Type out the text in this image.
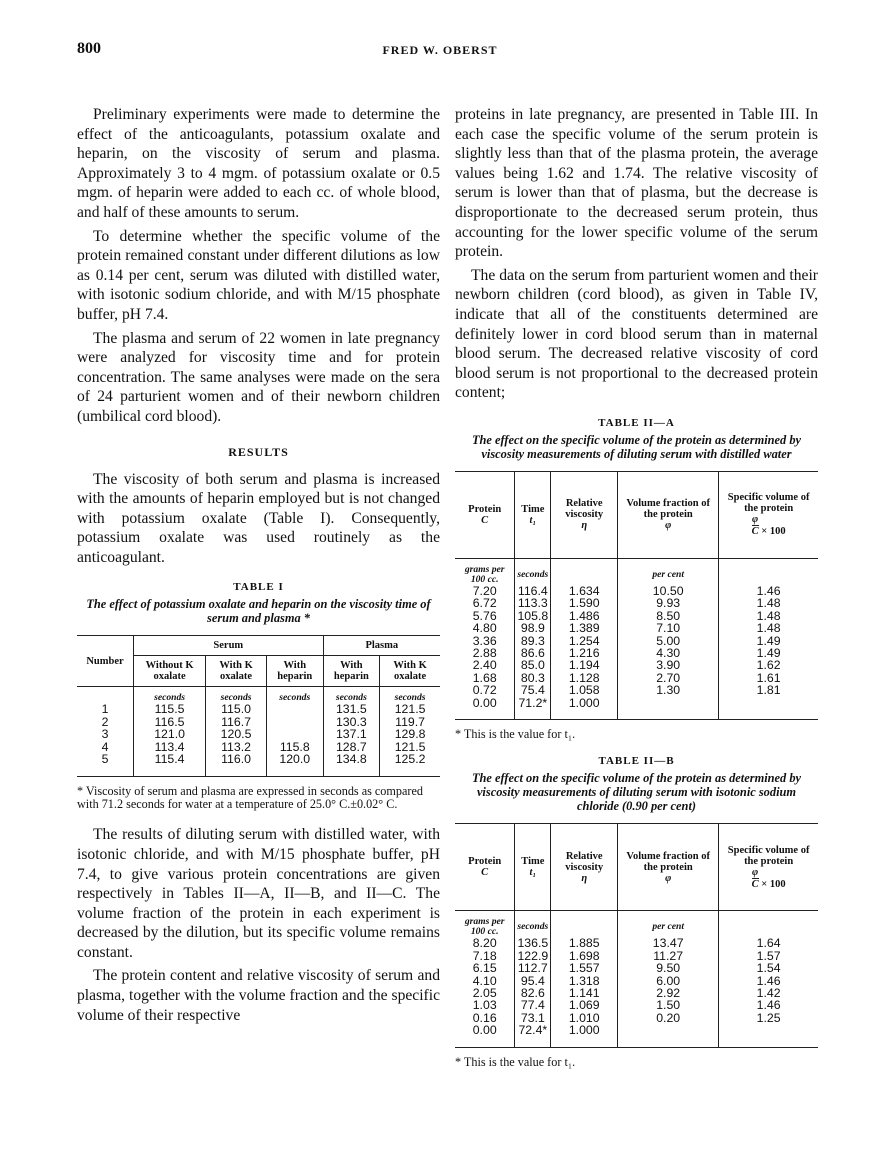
800	FRED W. OBERST

Preliminary experiments were made to determine the effect of the anticoagulants, potassium oxalate and heparin, on the viscosity of serum and plasma. Approximately 3 to 4 mgm. of potassium oxalate or 0.5 mgm. of heparin were added to each cc. of whole blood, and half of these amounts to serum.

To determine whether the specific volume of the protein remained constant under different dilutions as low as 0.14 per cent, serum was diluted with distilled water, with isotonic sodium chloride, and with M/15 phosphate buffer, pH 7.4.

The plasma and serum of 22 women in late pregnancy were analyzed for viscosity time and for protein concentration. The same analyses were made on the sera of 24 parturient women and of their newborn children (umbilical cord blood).

RESULTS

The viscosity of both serum and plasma is increased with the amounts of heparin employed but is not changed with potassium oxalate (Table I). Consequently, potassium oxalate was used routinely as the anticoagulant.

TABLE I
The effect of potassium oxalate and heparin on the viscosity time of serum and plasma *
Number	Serum			Plasma	
	Without K oxalate	With K oxalate	With heparin	With heparin	With K oxalate
	seconds	seconds	seconds	seconds	seconds
1	115.5	115.0		131.5	121.5
2	116.5	116.7		130.3	119.7
3	121.0	120.5		137.1	129.8
4	113.4	113.2	115.8	128.7	121.5
5	115.4	116.0	120.0	134.8	125.2
* Viscosity of serum and plasma are expressed in seconds as compared with 71.2 seconds for water at a temperature of 25.0° C.±0.02° C.

The results of diluting serum with distilled water, with isotonic chloride, and with M/15 phosphate buffer, pH 7.4, to give various protein concentrations are given respectively in Tables II—A, II—B, and II—C. The volume fraction of the protein in each experiment is decreased by the dilution, but its specific volume remains constant.

The protein content and relative viscosity of serum and plasma, together with the volume fraction and the specific volume of their respective

proteins in late pregnancy, are presented in Table III. In each case the specific volume of the serum protein is slightly less than that of the plasma protein, the average values being 1.62 and 1.74. The relative viscosity of serum is lower than that of plasma, but the decrease is disproportionate to the decreased serum protein, thus accounting for the lower specific volume of the serum protein.

The data on the serum from parturient women and their newborn children (cord blood), as given in Table IV, indicate that all of the constituents determined are definitely lower in cord blood serum than in maternal blood serum. The decreased relative viscosity of cord blood serum is not proportional to the decreased protein content;

TABLE II—A
The effect on the specific volume of the protein as determined by viscosity measurements of diluting serum with distilled water
Protein
C	Time
t₁	Relative viscosity
η	Volume fraction of the protein
φ	Specific volume of the protein
$\frac{\varphi}{C} \times 100$
grams per 100 cc.	seconds		per cent	
7.20	116.4	1.634	10.50	1.46
6.72	113.3	1.590	9.93	1.48
5.76	105.8	1.486	8.50	1.48
4.80	98.9	1.389	7.10	1.48
3.36	89.3	1.254	5.00	1.49
2.88	86.6	1.216	4.30	1.49
2.40	85.0	1.194	3.90	1.62
1.68	80.3	1.128	2.70	1.61
0.72	75.4	1.058	1.30	1.81
0.00	71.2*	1.000		
* This is the value for t₁.
TABLE II—B
The effect on the specific volume of the protein as determined by viscosity measurements of diluting serum with isotonic sodium chloride (0.90 per cent)
Protein
C	Time
t₁	Relative viscosity
η	Volume fraction of the protein
φ	Specific volume of the protein
$\frac{\varphi}{C} \times 100$
grams per 100 cc.	seconds		per cent	
8.20	136.5	1.885	13.47	1.64
7.18	122.9	1.698	11.27	1.57
6.15	112.7	1.557	9.50	1.54
4.10	95.4	1.318	6.00	1.46
2.05	82.6	1.141	2.92	1.42
1.03	77.4	1.069	1.50	1.46
0.16	73.1	1.010	0.20	1.25
0.00	72.4*	1.000		
* This is the value for t₁.
